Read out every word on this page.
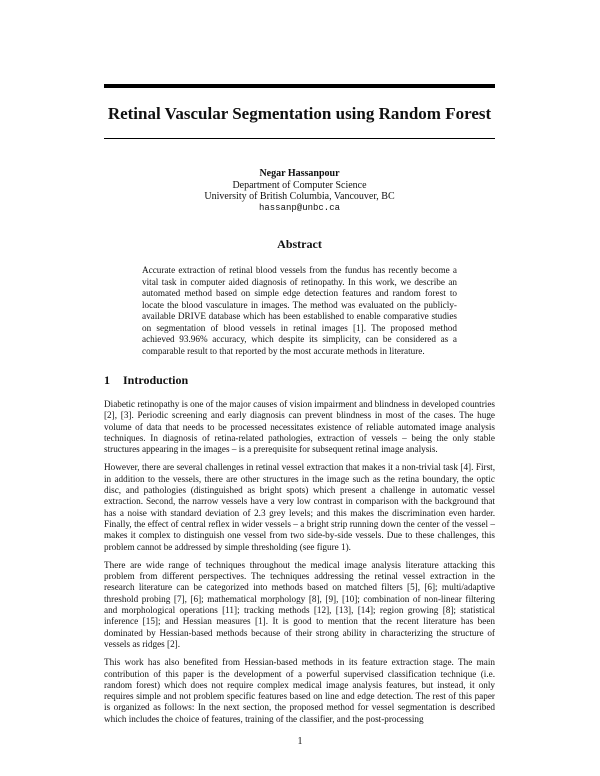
Retinal Vascular Segmentation using Random Forest
Negar Hassanpour
Department of Computer Science
University of British Columbia, Vancouver, BC
hassanp@unbc.ca
Abstract

Accurate extraction of retinal blood vessels from the fundus has recently become a vital task in computer aided diagnosis of retinopathy. In this work, we describe an automated method based on simple edge detection features and random forest to locate the blood vasculature in images. The method was evaluated on the publicly-available DRIVE database which has been established to enable comparative studies on segmentation of blood vessels in retinal images [1]. The proposed method achieved 93.96% accuracy, which despite its simplicity, can be considered as a comparable result to that reported by the most accurate methods in literature.

1 Introduction

Diabetic retinopathy is one of the major causes of vision impairment and blindness in developed countries [2], [3]. Periodic screening and early diagnosis can prevent blindness in most of the cases. The huge volume of data that needs to be processed necessitates existence of reliable automated image analysis techniques. In diagnosis of retina-related pathologies, extraction of vessels – being the only stable structures appearing in the images – is a prerequisite for subsequent retinal image analysis.

However, there are several challenges in retinal vessel extraction that makes it a non-trivial task [4]. First, in addition to the vessels, there are other structures in the image such as the retina boundary, the optic disc, and pathologies (distinguished as bright spots) which present a challenge in automatic vessel extraction. Second, the narrow vessels have a very low contrast in comparison with the background that has a noise with standard deviation of 2.3 grey levels; and this makes the discrimination even harder. Finally, the effect of central reflex in wider vessels – a bright strip running down the center of the vessel – makes it complex to distinguish one vessel from two side-by-side vessels. Due to these challenges, this problem cannot be addressed by simple thresholding (see figure 1).

There are wide range of techniques throughout the medical image analysis literature attacking this problem from different perspectives. The techniques addressing the retinal vessel extraction in the research literature can be categorized into methods based on matched filters [5], [6]; multi/adaptive threshold probing [7], [6]; mathematical morphology [8], [9], [10]; combination of non-linear filtering and morphological operations [11]; tracking methods [12], [13], [14]; region growing [8]; statistical inference [15]; and Hessian measures [1]. It is good to mention that the recent literature has been dominated by Hessian-based methods because of their strong ability in characterizing the structure of vessels as ridges [2].

This work has also benefited from Hessian-based methods in its feature extraction stage. The main contribution of this paper is the development of a powerful supervised classification technique (i.e. random forest) which does not require complex medical image analysis features, but instead, it only requires simple and not problem specific features based on line and edge detection. The rest of this paper is organized as follows: In the next section, the proposed method for vessel segmentation is described which includes the choice of features, training of the classifier, and the post-processing

1
